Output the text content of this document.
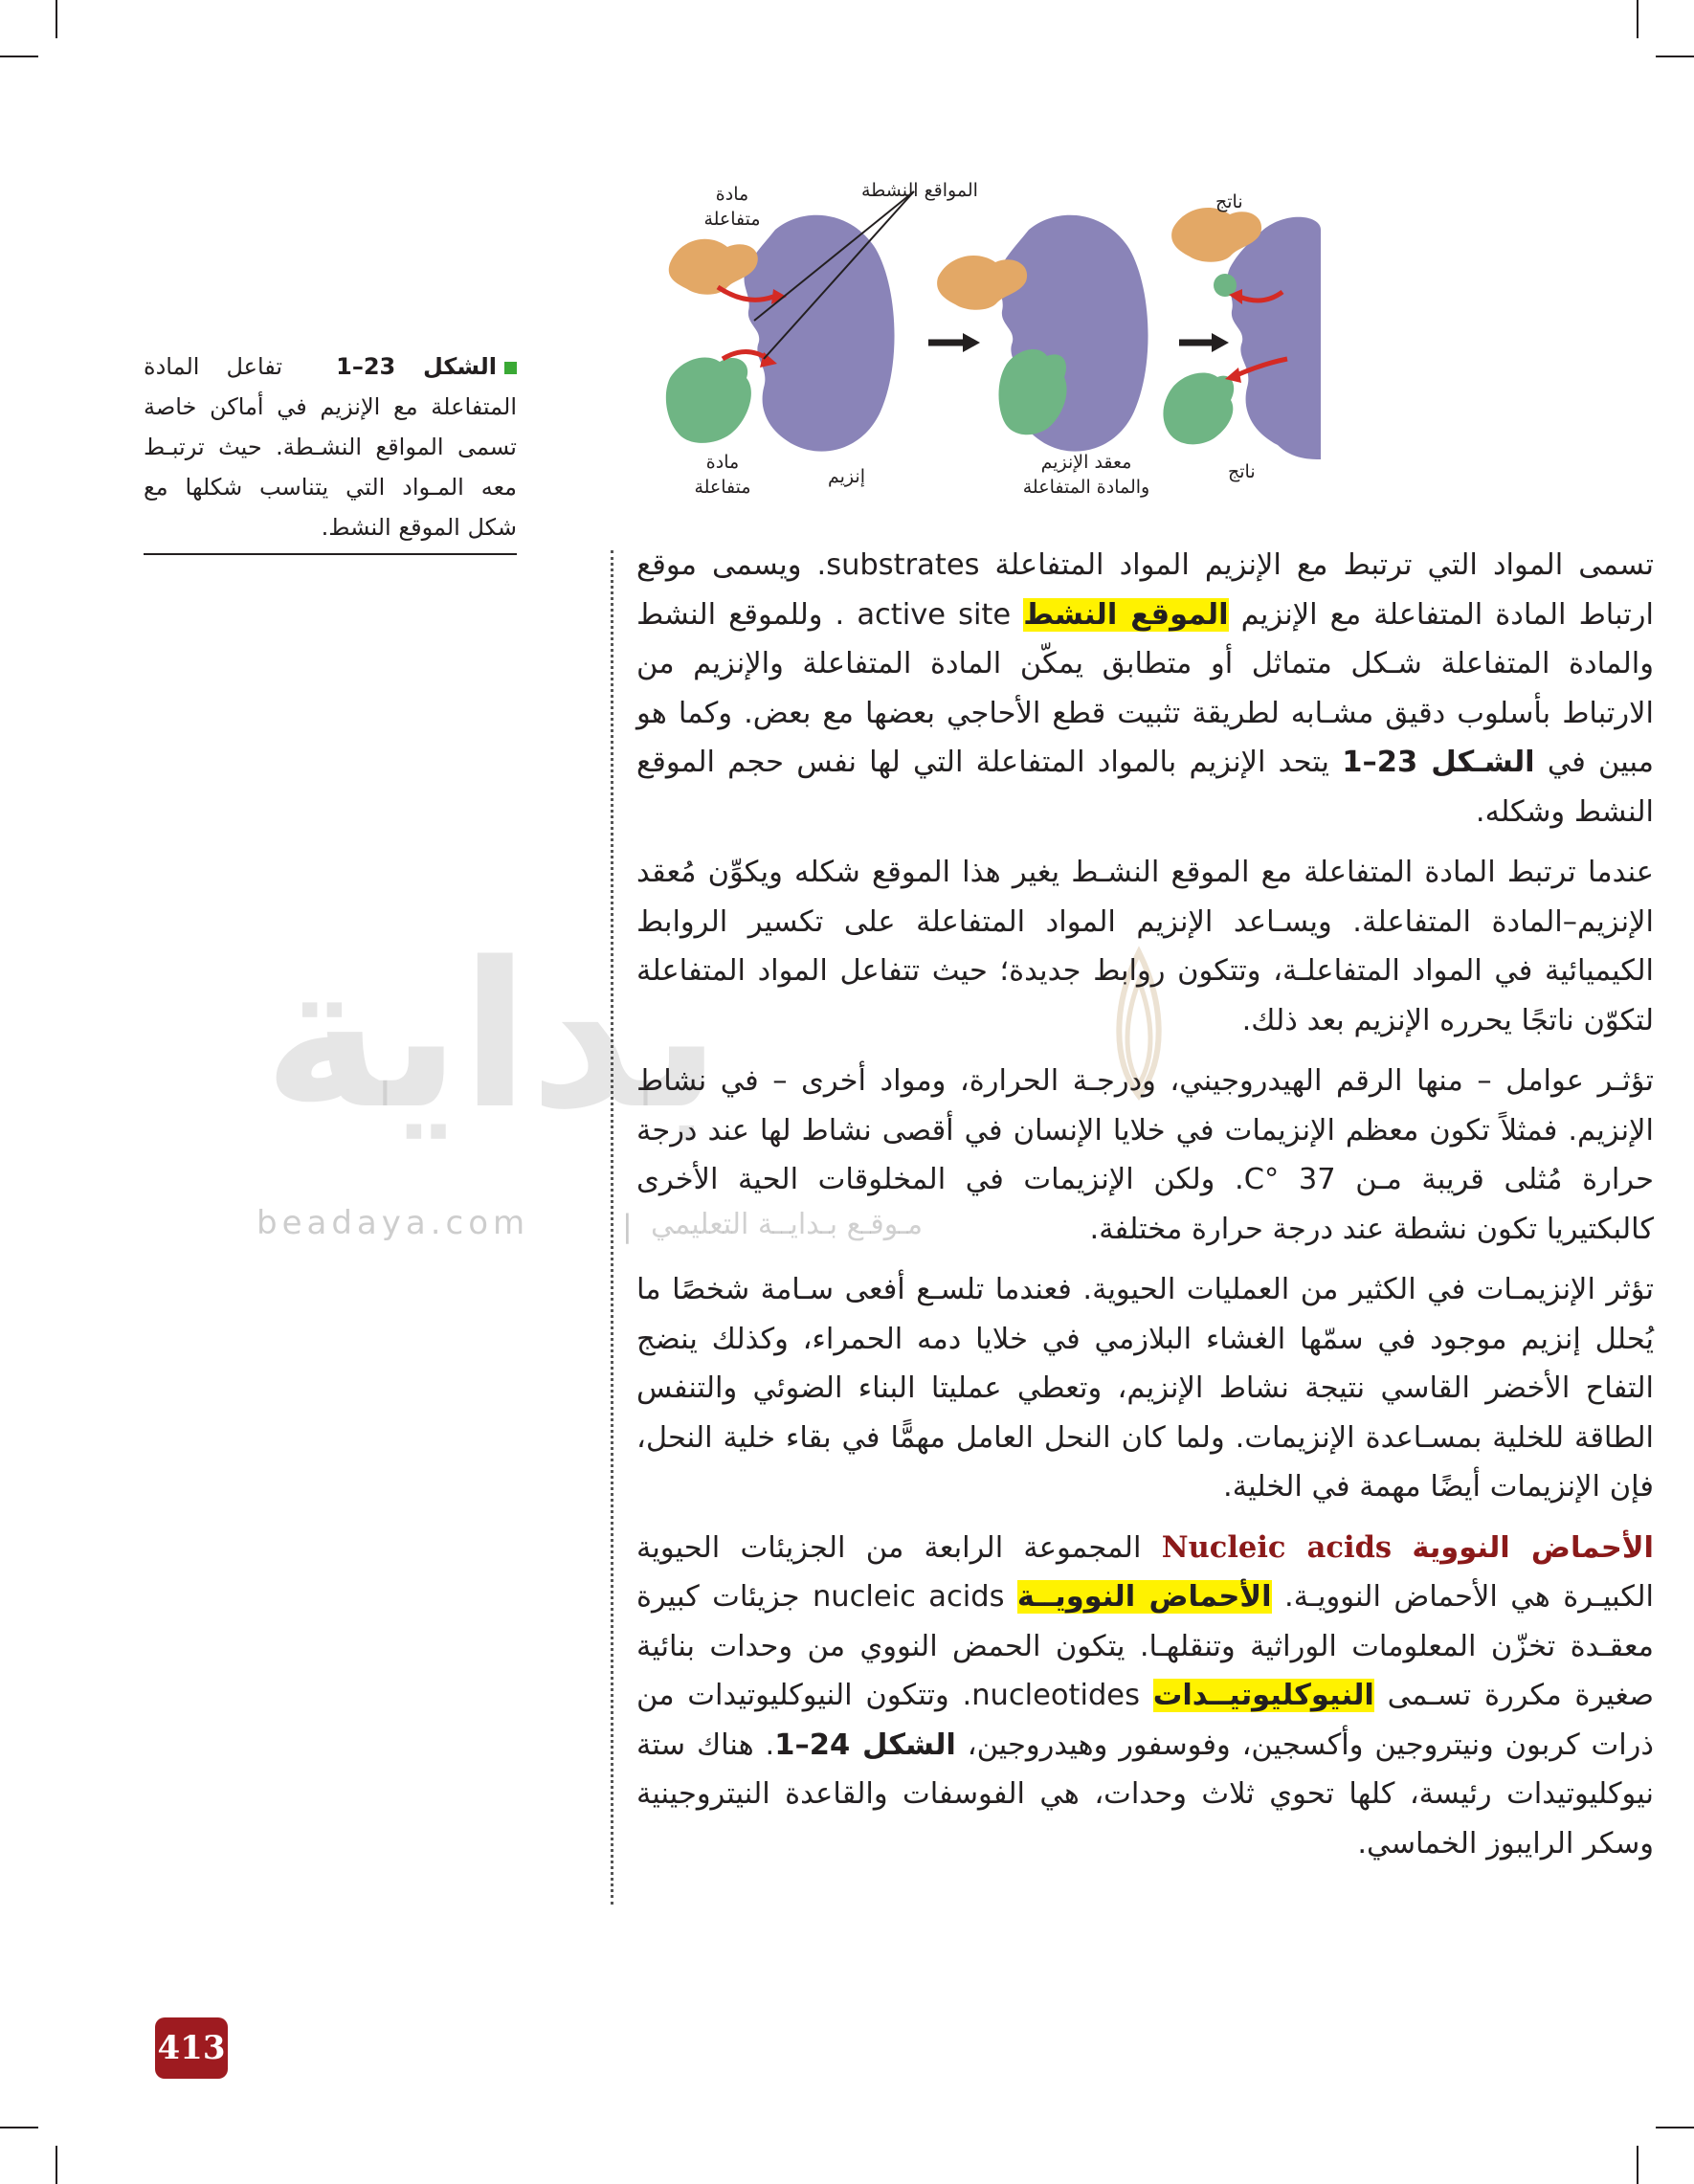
مادة متفاعلة
المواقع النشطة
ناتج
مادة متفاعلة	إنزيم
معقد الإنزيم والمادة المتفاعلة
ناتج
الشكل 23–1  تفاعل المادة المتفاعلة مع الإنزيم في أماكن خاصة تسمى المواقع النشـطة. حيث ترتبـط معه المـواد التي يتناسب شكلها مع شكل الموقع النشط.
بداية
beadaya.com	| مـوقـع بـدايــة التعليمي

تسمى المواد التي ترتبط مع الإنزيم المواد المتفاعلة substrates. ويسمى موقع ارتباط المادة المتفاعلة مع الإنزيم الموقع النشط active site . وللموقع النشط والمادة المتفاعلة شـكل متماثل أو متطابق يمكّن المادة المتفاعلة والإنزيم من الارتباط بأسلوب دقيق مشـابه لطريقة تثبيت قطع الأحاجي بعضها مع بعض. وكما هو مبين في الشـكل 23–1 يتحد الإنزيم بالمواد المتفاعلة التي لها نفس حجم الموقع النشط وشكله.

عندما ترتبط المادة المتفاعلة مع الموقع النشـط يغير هذا الموقع شكله ويكوِّن مُعقد الإنزيم–المادة المتفاعلة. ويسـاعد الإنزيم المواد المتفاعلة على تكسير الروابط الكيميائية في المواد المتفاعلـة، وتتكون روابط جديدة؛ حيث تتفاعل المواد المتفاعلة لتكوّن ناتجًا يحرره الإنزيم بعد ذلك.

تؤثـر عوامل – منها الرقم الهيدروجيني، ودرجـة الحرارة، ومواد أخرى – في نشاط الإنزيم. فمثلاً تكون معظم الإنزيمات في خلايا الإنسان في أقصى نشاط لها عند درجة حرارة مُثلى قريبة مـن 37 °C. ولكن الإنزيمات في المخلوقات الحية الأخرى كالبكتيريا تكون نشطة عند درجة حرارة مختلفة.

تؤثر الإنزيمـات في الكثير من العمليات الحيوية. فعندما تلسـع أفعى سـامة شخصًا ما يُحلل إنزيم موجود في سمّها الغشاء البلازمي في خلايا دمه الحمراء، وكذلك ينضج التفاح الأخضر القاسي نتيجة نشاط الإنزيم، وتعطي عمليتا البناء الضوئي والتنفس الطاقة للخلية بمسـاعدة الإنزيمات. ولما كان النحل العامل مهمًّا في بقاء خلية النحل، فإن الإنزيمات أيضًا مهمة في الخلية.

الأحماض النووية Nucleic acids المجموعة الرابعة من الجزيئات الحيوية الكبيـرة هي الأحماض النوويـة. الأحماض النوويــة nucleic acids جزيئات كبيرة معقـدة تخزّن المعلومات الوراثية وتنقلهـا. يتكون الحمض النووي من وحدات بنائية صغيرة مكررة تسـمى النيوكليوتيــدات nucleotides. وتتكون النيوكليوتيدات من ذرات كربون ونيتروجين وأكسجين، وفوسفور وهيدروجين، الشكل 24–1. هناك ستة نيوكليوتيدات رئيسة، كلها تحوي ثلاث وحدات، هي الفوسفات والقاعدة النيتروجينية وسكر الرايبوز الخماسي.

413
